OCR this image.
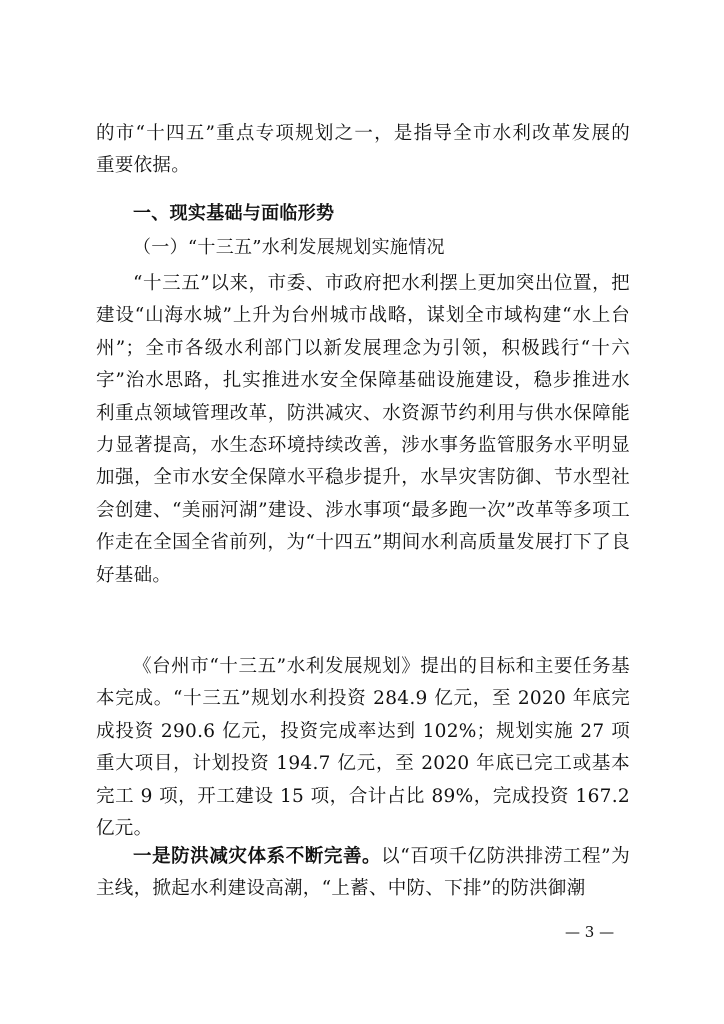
的市“十四五”重点专项规划之一，是指导全市水利改革发展的

重要依据。

一、现实基础与面临形势

（一）“十三五”水利发展规划实施情况

“十三五”以来，市委、市政府把水利摆上更加突出位置，把建设“山海水城”上升为台州城市战略，谋划全市域构建“水上台州”；全市各级水利部门以新发展理念为引领，积极践行“十六字”治水思路，扎实推进水安全保障基础设施建设，稳步推进水利重点领域管理改革，防洪减灾、水资源节约利用与供水保障能力显著提高，水生态环境持续改善，涉水事务监管服务水平明显加强，全市水安全保障水平稳步提升，水旱灾害防御、节水型社会创建、“美丽河湖”建设、涉水事项“最多跑一次”改革等多项工作走在全国全省前列，为“十四五”期间水利高质量发展打下了良好基础。

《台州市“十三五”水利发展规划》提出的目标和主要任务基本完成。“十三五”规划水利投资 284.9 亿元，至 2020 年底完成投资 290.6 亿元，投资完成率达到 102%；规划实施 27 项重大项目，计划投资 194.7 亿元，至 2020 年底已完工或基本完工 9 项，开工建设 15 项，合计占比 89%，完成投资 167.2 亿元。

一是防洪减灾体系不断完善。以“百项千亿防洪排涝工程”为主线，掀起水利建设高潮，“上蓄、中防、下排”的防洪御潮

— 3 —
